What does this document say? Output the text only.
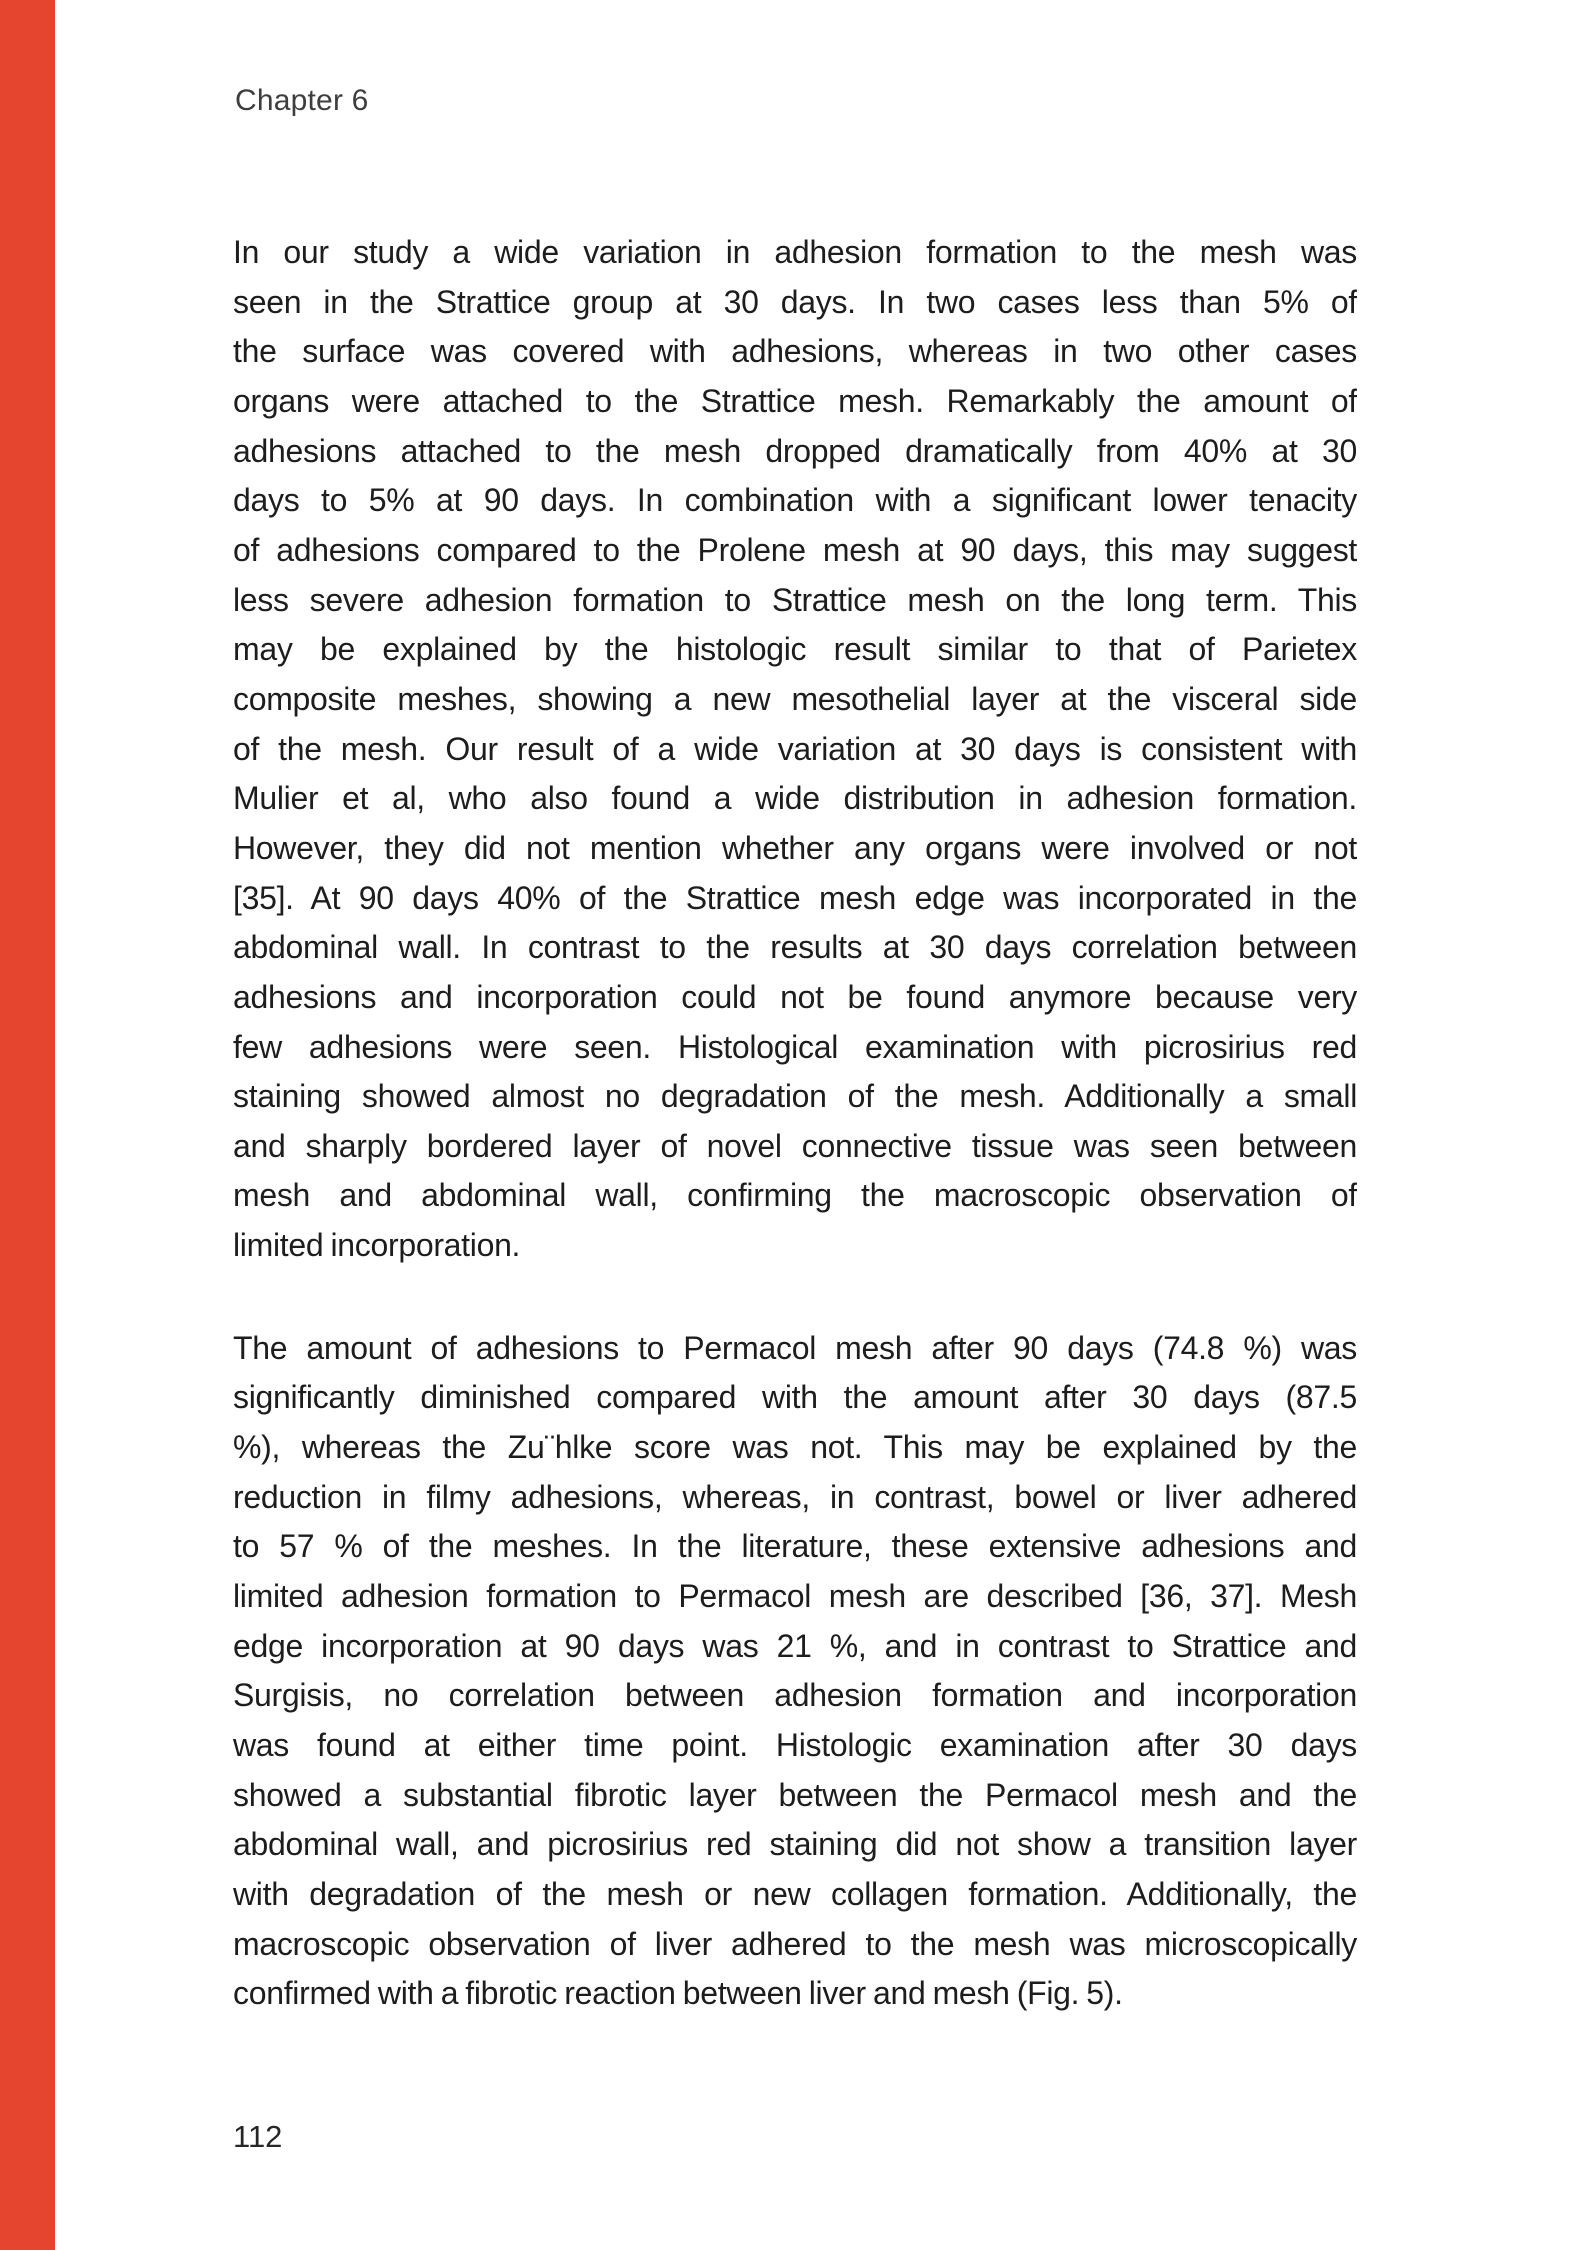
Chapter 6
In our study a wide variation in adhesion formation to the mesh was
seen in the Strattice group at 30 days. In two cases less than 5% of
the surface was covered with adhesions, whereas in two other cases
organs were attached to the Strattice mesh. Remarkably the amount of
adhesions attached to the mesh dropped dramatically from 40% at 30
days to 5% at 90 days. In combination with a significant lower tenacity
of adhesions compared to the Prolene mesh at 90 days, this may suggest
less severe adhesion formation to Strattice mesh on the long term. This
may be explained by the histologic result similar to that of Parietex
composite meshes, showing a new mesothelial layer at the visceral side
of the mesh. Our result of a wide variation at 30 days is consistent with
Mulier et al, who also found a wide distribution in adhesion formation.
However, they did not mention whether any organs were involved or not
[35]. At 90 days 40% of the Strattice mesh edge was incorporated in the
abdominal wall. In contrast to the results at 30 days correlation between
adhesions and incorporation could not be found anymore because very
few adhesions were seen. Histological examination with picrosirius red
staining showed almost no degradation of the mesh. Additionally a small
and sharply bordered layer of novel connective tissue was seen between
mesh and abdominal wall, confirming the macroscopic observation of
limited incorporation.
The amount of adhesions to Permacol mesh after 90 days (74.8 %) was
significantly diminished compared with the amount after 30 days (87.5
%), whereas the Zu¨hlke score was not. This may be explained by the
reduction in filmy adhesions, whereas, in contrast, bowel or liver adhered
to 57 % of the meshes. In the literature, these extensive adhesions and
limited adhesion formation to Permacol mesh are described [36, 37]. Mesh
edge incorporation at 90 days was 21 %, and in contrast to Strattice and
Surgisis, no correlation between adhesion formation and incorporation
was found at either time point. Histologic examination after 30 days
showed a substantial fibrotic layer between the Permacol mesh and the
abdominal wall, and picrosirius red staining did not show a transition layer
with degradation of the mesh or new collagen formation. Additionally, the
macroscopic observation of liver adhered to the mesh was microscopically
confirmed with a fibrotic reaction between liver and mesh (Fig. 5).
112
